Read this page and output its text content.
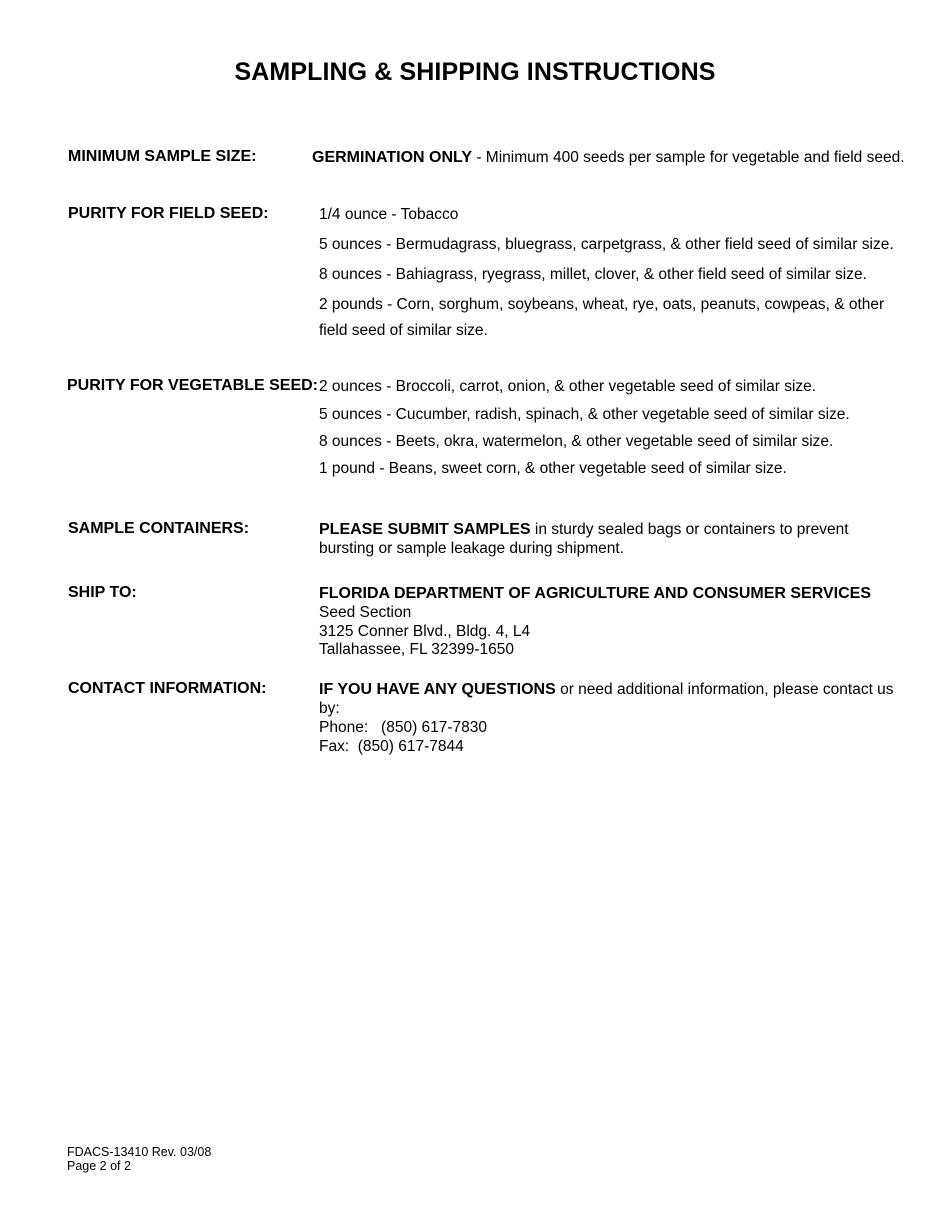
SAMPLING & SHIPPING INSTRUCTIONS
MINIMUM SAMPLE SIZE:	GERMINATION ONLY - Minimum 400 seeds per sample for vegetable and field seed.
PURITY FOR FIELD SEED:	1/4 ounce - Tobacco
5 ounces - Bermudagrass, bluegrass, carpetgrass, & other field seed of similar size.
8 ounces - Bahiagrass, ryegrass, millet, clover, & other field seed of similar size.
2 pounds - Corn, sorghum, soybeans, wheat, rye, oats, peanuts, cowpeas, & other
field seed of similar size.
PURITY FOR VEGETABLE SEED: 2 ounces - Broccoli, carrot, onion, & other vegetable seed of similar size.
5 ounces - Cucumber, radish, spinach, & other vegetable seed of similar size.
8 ounces - Beets, okra, watermelon, & other vegetable seed of similar size.
1 pound - Beans, sweet corn, & other vegetable seed of similar size.
SAMPLE CONTAINERS:	PLEASE SUBMIT SAMPLES in sturdy sealed bags or containers to prevent
bursting or sample leakage during shipment.
SHIP TO:	FLORIDA DEPARTMENT OF AGRICULTURE AND CONSUMER SERVICES
Seed Section
3125 Conner Blvd., Bldg. 4, L4
Tallahassee, FL 32399-1650
CONTACT INFORMATION:	IF YOU HAVE ANY QUESTIONS or need additional information, please contact us
by:
Phone:   (850) 617-7830
Fax:  (850) 617-7844
FDACS-13410 Rev. 03/08
Page 2 of 2
